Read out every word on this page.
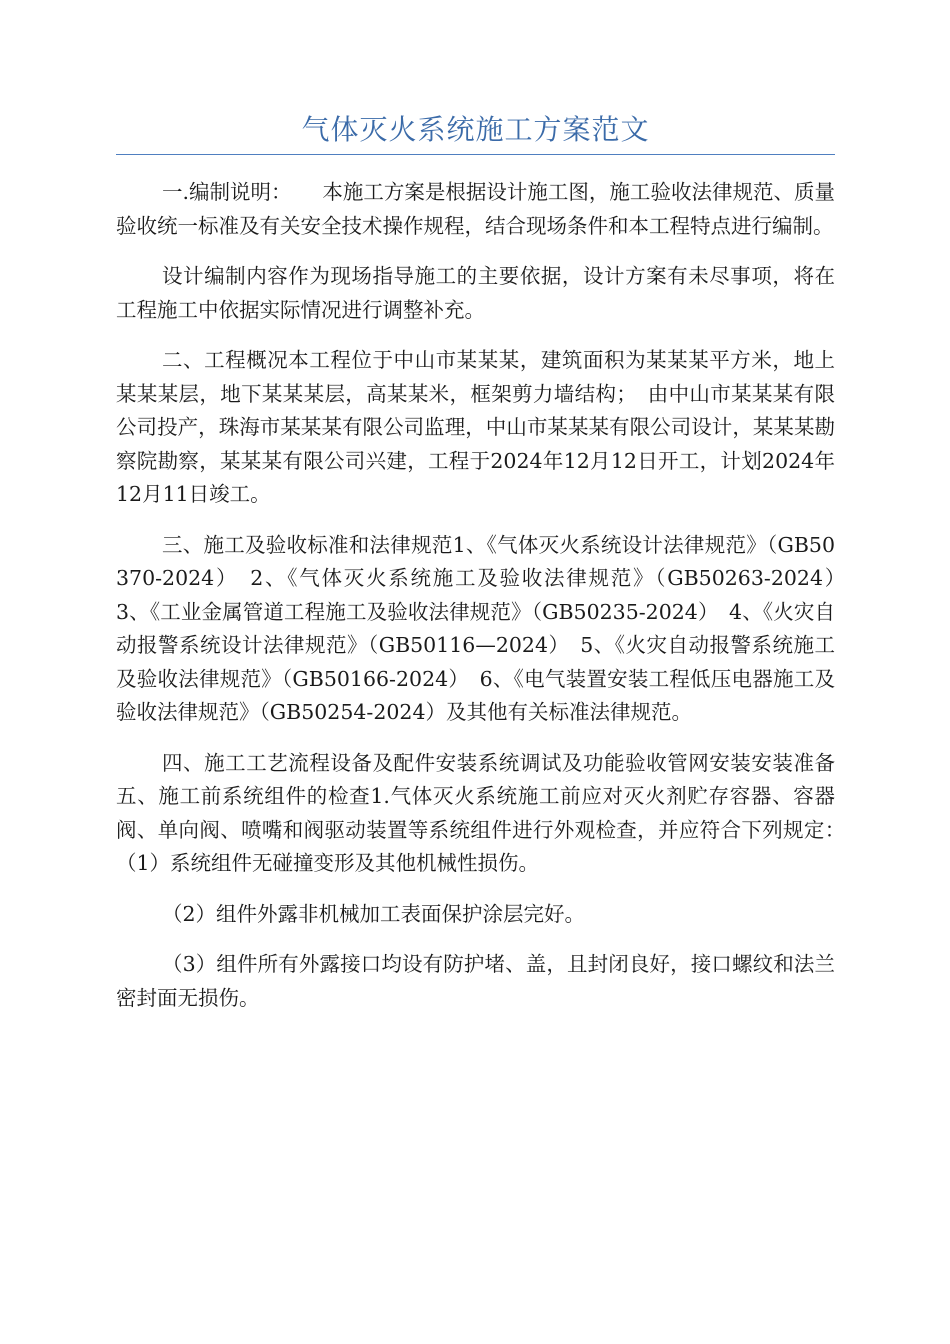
气体灭火系统施工方案范文

一.编制说明：　　本施工方案是根据设计施工图，施工验收法律规范、质量验收统一标准及有关安全技术操作规程，结合现场条件和本工程特点进行编制。

设计编制内容作为现场指导施工的主要依据，设计方案有未尽事项，将在工程施工中依据实际情况进行调整补充。

二、工程概况本工程位于中山市某某某，建筑面积为某某某平方米，地上某某某层，地下某某某层，高某某米，框架剪力墙结构；　由中山市某某某有限公司投产，珠海市某某某有限公司监理，中山市某某某有限公司设计，某某某勘察院勘察，某某某有限公司兴建，工程于2024年12月12日开工，计划2024年12月11日竣工。

三、施工及验收标准和法律规范1、《气体灭火系统设计法律规范》（GB50370-2024）　2、《气体灭火系统施工及验收法律规范》（GB50263-2024）　3、《工业金属管道工程施工及验收法律规范》（GB50235-2024）　4、《火灾自动报警系统设计法律规范》（GB50116—2024）　5、《火灾自动报警系统施工及验收法律规范》（GB50166-2024）　6、《电气装置安装工程低压电器施工及验收法律规范》（GB50254-2024）及其他有关标准法律规范。

四、施工工艺流程设备及配件安装系统调试及功能验收管网安装安装准备五、施工前系统组件的检查1.气体灭火系统施工前应对灭火剂贮存容器、容器阀、单向阀、喷嘴和阀驱动装置等系统组件进行外观检查，并应符合下列规定：　（1）系统组件无碰撞变形及其他机械性损伤。

（2）组件外露非机械加工表面保护涂层完好。

（3）组件所有外露接口均设有防护堵、盖，且封闭良好，接口螺纹和法兰密封面无损伤。
